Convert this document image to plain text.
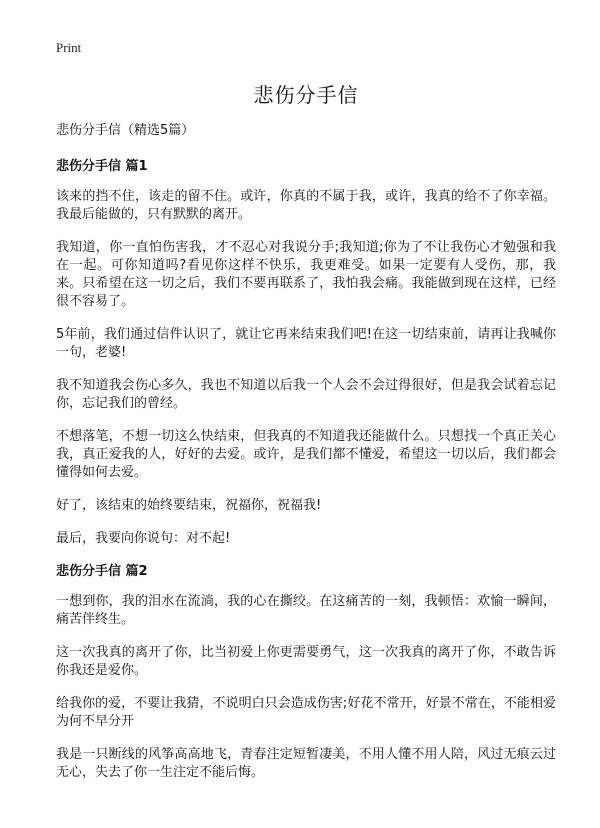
Print
悲伤分手信
悲伤分手信（精选5篇）
悲伤分手信 篇1

该来的挡不住，该走的留不住。或许，你真的不属于我，或许，我真的给不了你幸福。我最后能做的，只有默默的离开。

我知道，你一直怕伤害我，才不忍心对我说分手;我知道;你为了不让我伤心才勉强和我在一起。可你知道吗?看见你这样不快乐，我更难受。如果一定要有人受伤，那，我来。只希望在这一切之后，我们不要再联系了，我怕我会痛。我能做到现在这样，已经很不容易了。

5年前，我们通过信件认识了，就让它再来结束我们吧!在这一切结束前，请再让我喊你一句，老婆!

我不知道我会伤心多久，我也不知道以后我一个人会不会过得很好，但是我会试着忘记你，忘记我们的曾经。

不想落笔，不想一切这么快结束，但我真的不知道我还能做什么。只想找一个真正关心我，真正爱我的人，好好的去爱。或许，是我们都不懂爱，希望这一切以后，我们都会懂得如何去爱。

好了，该结束的始终要结束，祝福你，祝福我!

最后，我要向你说句：对不起!

悲伤分手信 篇2

一想到你，我的泪水在流淌，我的心在撕绞。在这痛苦的一刻，我顿悟：欢愉一瞬间，痛苦伴终生。

这一次我真的离开了你，比当初爱上你更需要勇气，这一次我真的离开了你，不敢告诉你我还是爱你。

给我你的爱，不要让我猜，不说明白只会造成伤害;好花不常开，好景不常在，不能相爱为何不早分开

我是一只断线的风筝高高地飞，青春注定短暂凄美，不用人懂不用人陪，风过无痕云过无心，失去了你一生注定不能后悔。
